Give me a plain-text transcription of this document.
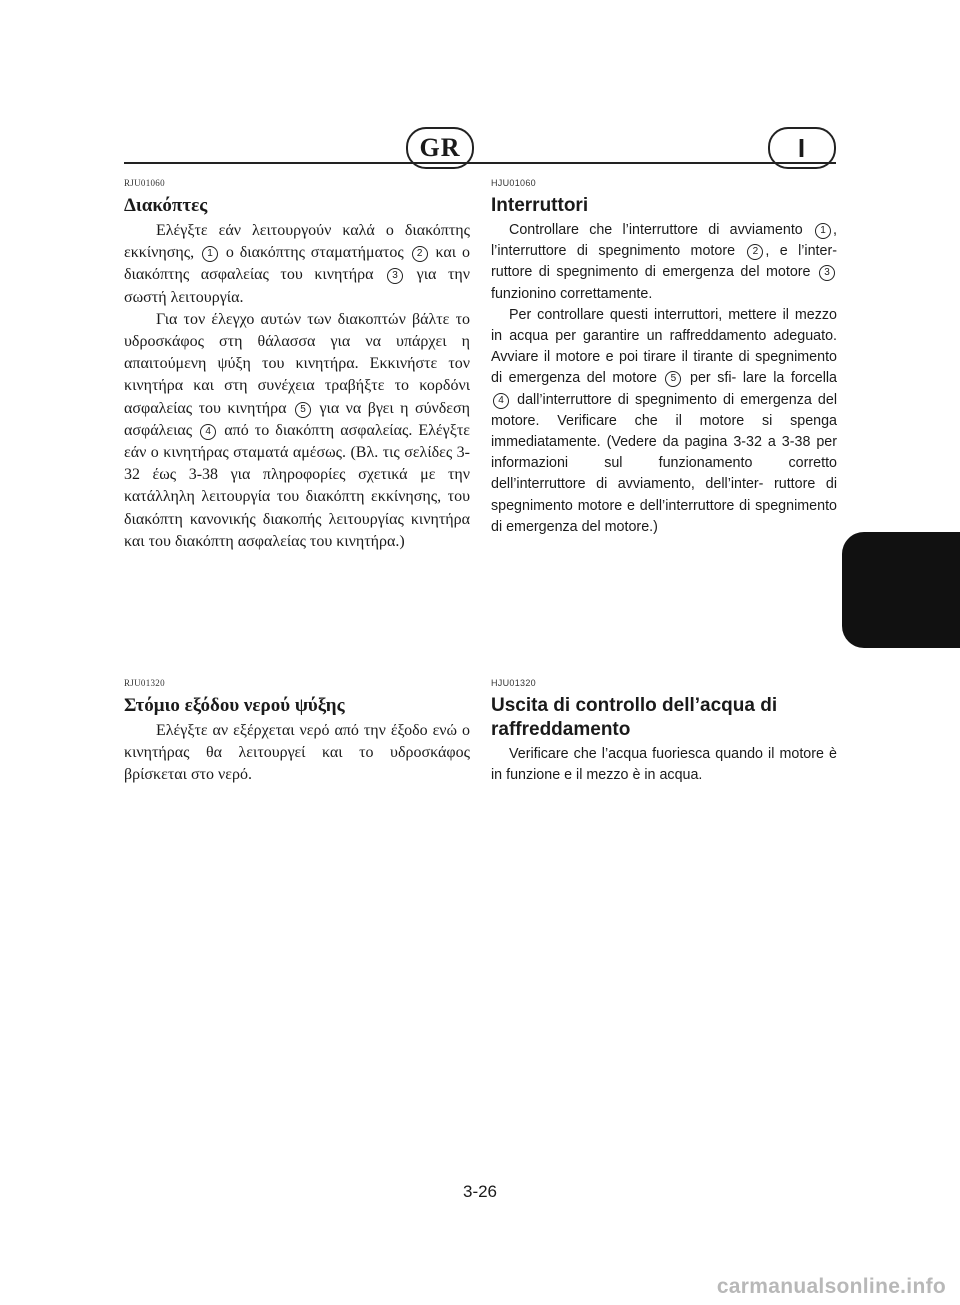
GR	I
RJU01060
Διακόπτες

Ελέγξτε εάν λειτουργούν καλά ο διακόπτης εκκίνησης, 1 ο διακόπτης σταματήματος 2 και ο διακόπτης ασφαλείας του κινητήρα 3 για την σωστή λειτουργία.

Για τον έλεγχο αυτών των διακοπτών βάλτε το υδροσκάφος στη θάλασσα για να υπάρχει η απαιτούμενη ψύξη του κινητήρα. Εκκινήστε τον κινητήρα και στη συνέχεια τραβήξτε το κορδόνι ασφαλείας του κινητήρα 5 για να βγει η σύνδεση ασφάλειας 4 από το διακόπτη ασφαλείας. Ελέγξτε εάν ο κινητήρας σταματά αμέσως. (Βλ. τις σελίδες 3-32 έως 3-38 για πληροφορίες σχετικά με την κατάλληλη λειτουργία του διακόπτη εκκίνησης, του διακόπτη κανονικής διακοπής λειτουργίας κινητήρα και του διακόπτη ασφαλείας του κινητήρα.)

HJU01060
Interruttori

Controllare che l’interruttore di avviamento 1 , l’interruttore di spegnimento motore 2 , e l’inter- ruttore di spegnimento di emergenza del motore 3 funzionino correttamente.

Per controllare questi interruttori, mettere il mezzo in acqua per garantire un raffreddamento adeguato. Avviare il motore e poi tirare il tirante di spegnimento di emergenza del motore 5 per sfi- lare la forcella 4 dall’interruttore di spegnimento di emergenza del motore. Verificare che il motore si spenga immediatamente. (Vedere da pagina 3-32 a 3-38 per informazioni sul funzionamento corretto dell’interruttore di avviamento, dell’inter- ruttore di spegnimento motore e dell’interruttore di spegnimento di emergenza del motore.)

RJU01320
Στόμιο εξόδου νερού ψύξης

Ελέγξτε αν εξέρχεται νερό από την έξοδο ενώ ο κινητήρας θα λειτουργεί και το υδροσκάφος βρίσκεται στο νερό.

HJU01320
Uscita di controllo dell’acqua di raffreddamento

Verificare che l’acqua fuoriesca quando il motore è in funzione e il mezzo è in acqua.

3-26
carmanualsonline.info
